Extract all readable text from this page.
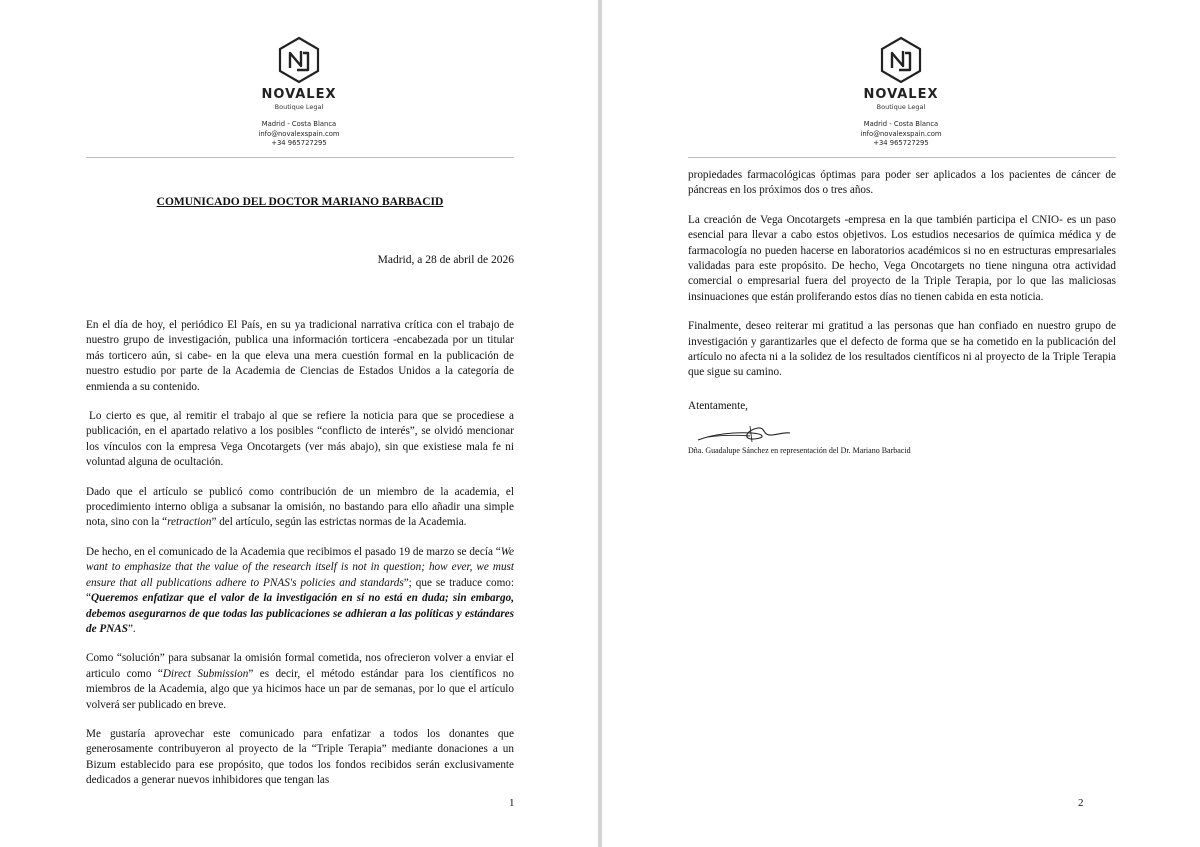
NOVALEX
Boutique Legal
Madrid - Costa Blanca
info@novalexspain.com
+34 965727295
COMUNICADO DEL DOCTOR MARIANO BARBACID
Madrid, a 28 de abril de 2026

En el día de hoy, el periódico El País, en su ya tradicional narrativa crítica con el trabajo de nuestro grupo de investigación, publica una información torticera -encabezada por un titular más torticero aún, si cabe- en la que eleva una mera cuestión formal en la publicación de nuestro estudio por parte de la Academia de Ciencias de Estados Unidos a la categoría de enmienda a su contenido.

Lo cierto es que, al remitir el trabajo al que se refiere la noticia para que se procediese a publicación, en el apartado relativo a los posibles “conflicto de interés”, se olvidó mencionar los vínculos con la empresa Vega Oncotargets (ver más abajo), sin que existiese mala fe ni voluntad alguna de ocultación.

Dado que el artículo se publicó como contribución de un miembro de la academia, el procedimiento interno obliga a subsanar la omisión, no bastando para ello añadir una simple nota, sino con la “retraction” del artículo, según las estrictas normas de la Academia.

De hecho, en el comunicado de la Academia que recibimos el pasado 19 de marzo se decía “We want to emphasize that the value of the research itself is not in question; how ever, we must ensure that all publications adhere to PNAS's policies and standards”; que se traduce como: “Queremos enfatizar que el valor de la investigación en sí no está en duda; sin embargo, debemos asegurarnos de que todas las publicaciones se adhieran a las políticas y estándares de PNAS”.

Como “solución” para subsanar la omisión formal cometida, nos ofrecieron volver a enviar el articulo como “Direct Submission” es decir, el método estándar para los científicos no miembros de la Academia, algo que ya hicimos hace un par de semanas, por lo que el artículo volverá ser publicado en breve.

Me gustaría aprovechar este comunicado para enfatizar a todos los donantes que generosamente contribuyeron al proyecto de la “Triple Terapia” mediante donaciones a un Bizum establecido para ese propósito, que todos los fondos recibidos serán exclusivamente dedicados a generar nuevos inhibidores que tengan las

1
NOVALEX
Boutique Legal
Madrid - Costa Blanca
info@novalexspain.com
+34 965727295

propiedades farmacológicas óptimas para poder ser aplicados a los pacientes de cáncer de páncreas en los próximos dos o tres años.

La creación de Vega Oncotargets -empresa en la que también participa el CNIO- es un paso esencial para llevar a cabo estos objetivos. Los estudios necesarios de química médica y de farmacología no pueden hacerse en laboratorios académicos si no en estructuras empresariales validadas para este propósito. De hecho, Vega Oncotargets no tiene ninguna otra actividad comercial o empresarial fuera del proyecto de la Triple Terapia, por lo que las maliciosas insinuaciones que están proliferando estos días no tienen cabida en esta noticia.

Finalmente, deseo reiterar mi gratitud a las personas que han confiado en nuestro grupo de investigación y garantizarles que el defecto de forma que se ha cometido en la publicación del artículo no afecta ni a la solidez de los resultados científicos ni al proyecto de la Triple Terapia que sigue su camino.

Atentamente,

Dña. Guadalupe Sánchez en representación del Dr. Mariano Barbacid
2
